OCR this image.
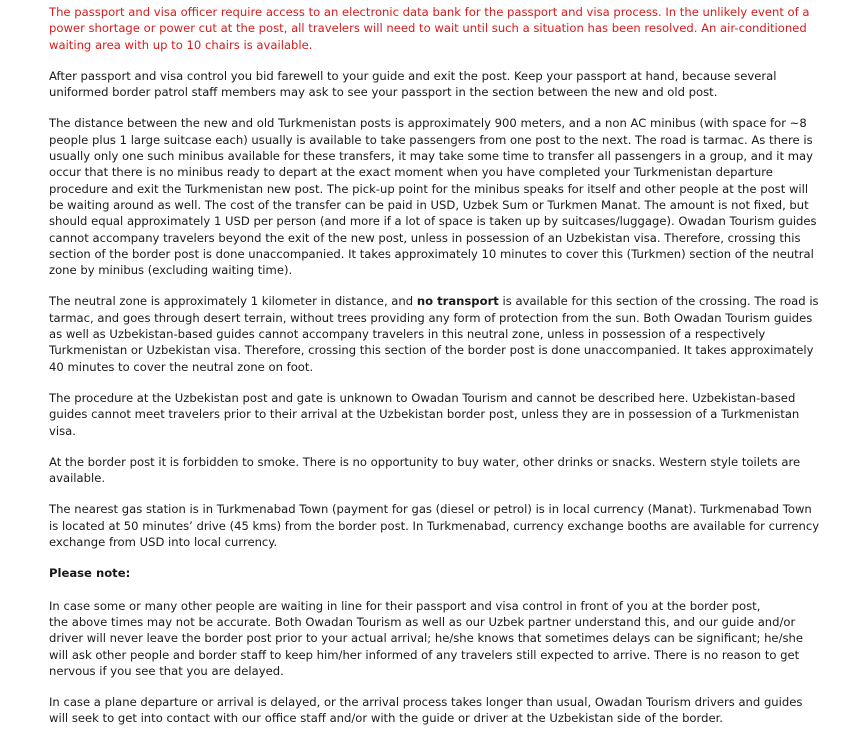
The passport and visa officer require access to an electronic data bank for the passport and visa process. In the unlikely event of a power shortage or power cut at the post, all travelers will need to wait until such a situation has been resolved. An air-conditioned waiting area with up to 10 chairs is available.

After passport and visa control you bid farewell to your guide and exit the post. Keep your passport at hand, because several uniformed border patrol staff members may ask to see your passport in the section between the new and old post.

The distance between the new and old Turkmenistan posts is approximately 900 meters, and a non AC minibus (with space for ~8 people plus 1 large suitcase each) usually is available to take passengers from one post to the next. The road is tarmac. As there is usually only one such minibus available for these transfers, it may take some time to transfer all passengers in a group, and it may occur that there is no minibus ready to depart at the exact moment when you have completed your Turkmenistan departure procedure and exit the Turkmenistan new post. The pick-up point for the minibus speaks for itself and other people at the post will be waiting around as well. The cost of the transfer can be paid in USD, Uzbek Sum or Turkmen Manat. The amount is not fixed, but should equal approximately 1 USD per person (and more if a lot of space is taken up by suitcases/luggage). Owadan Tourism guides cannot accompany travelers beyond the exit of the new post, unless in possession of an Uzbekistan visa. Therefore, crossing this section of the border post is done unaccompanied. It takes approximately 10 minutes to cover this (Turkmen) section of the neutral zone by minibus (excluding waiting time).

The neutral zone is approximately 1 kilometer in distance, and no transport is available for this section of the crossing. The road is tarmac, and goes through desert terrain, without trees providing any form of protection from the sun. Both Owadan Tourism guides as well as Uzbekistan-based guides cannot accompany travelers in this neutral zone, unless in possession of a respectively Turkmenistan or Uzbekistan visa. Therefore, crossing this section of the border post is done unaccompanied. It takes approximately 40 minutes to cover the neutral zone on foot.

The procedure at the Uzbekistan post and gate is unknown to Owadan Tourism and cannot be described here. Uzbekistan-based guides cannot meet travelers prior to their arrival at the Uzbekistan border post, unless they are in possession of a Turkmenistan visa.

At the border post it is forbidden to smoke. There is no opportunity to buy water, other drinks or snacks. Western style toilets are available.

The nearest gas station is in Turkmenabad Town (payment for gas (diesel or petrol) is in local currency (Manat). Turkmenabad Town is located at 50 minutes’ drive (45 kms) from the border post. In Turkmenabad, currency exchange booths are available for currency exchange from USD into local currency.

Please note:

In case some or many other people are waiting in line for their passport and visa control in front of you at the border post,
the above times may not be accurate. Both Owadan Tourism as well as our Uzbek partner understand this, and our guide and/or driver will never leave the border post prior to your actual arrival; he/she knows that sometimes delays can be significant; he/she will ask other people and border staff to keep him/her informed of any travelers still expected to arrive. There is no reason to get nervous if you see that you are delayed.

In case a plane departure or arrival is delayed, or the arrival process takes longer than usual, Owadan Tourism drivers and guides will seek to get into contact with our office staff and/or with the guide or driver at the Uzbekistan side of the border.
